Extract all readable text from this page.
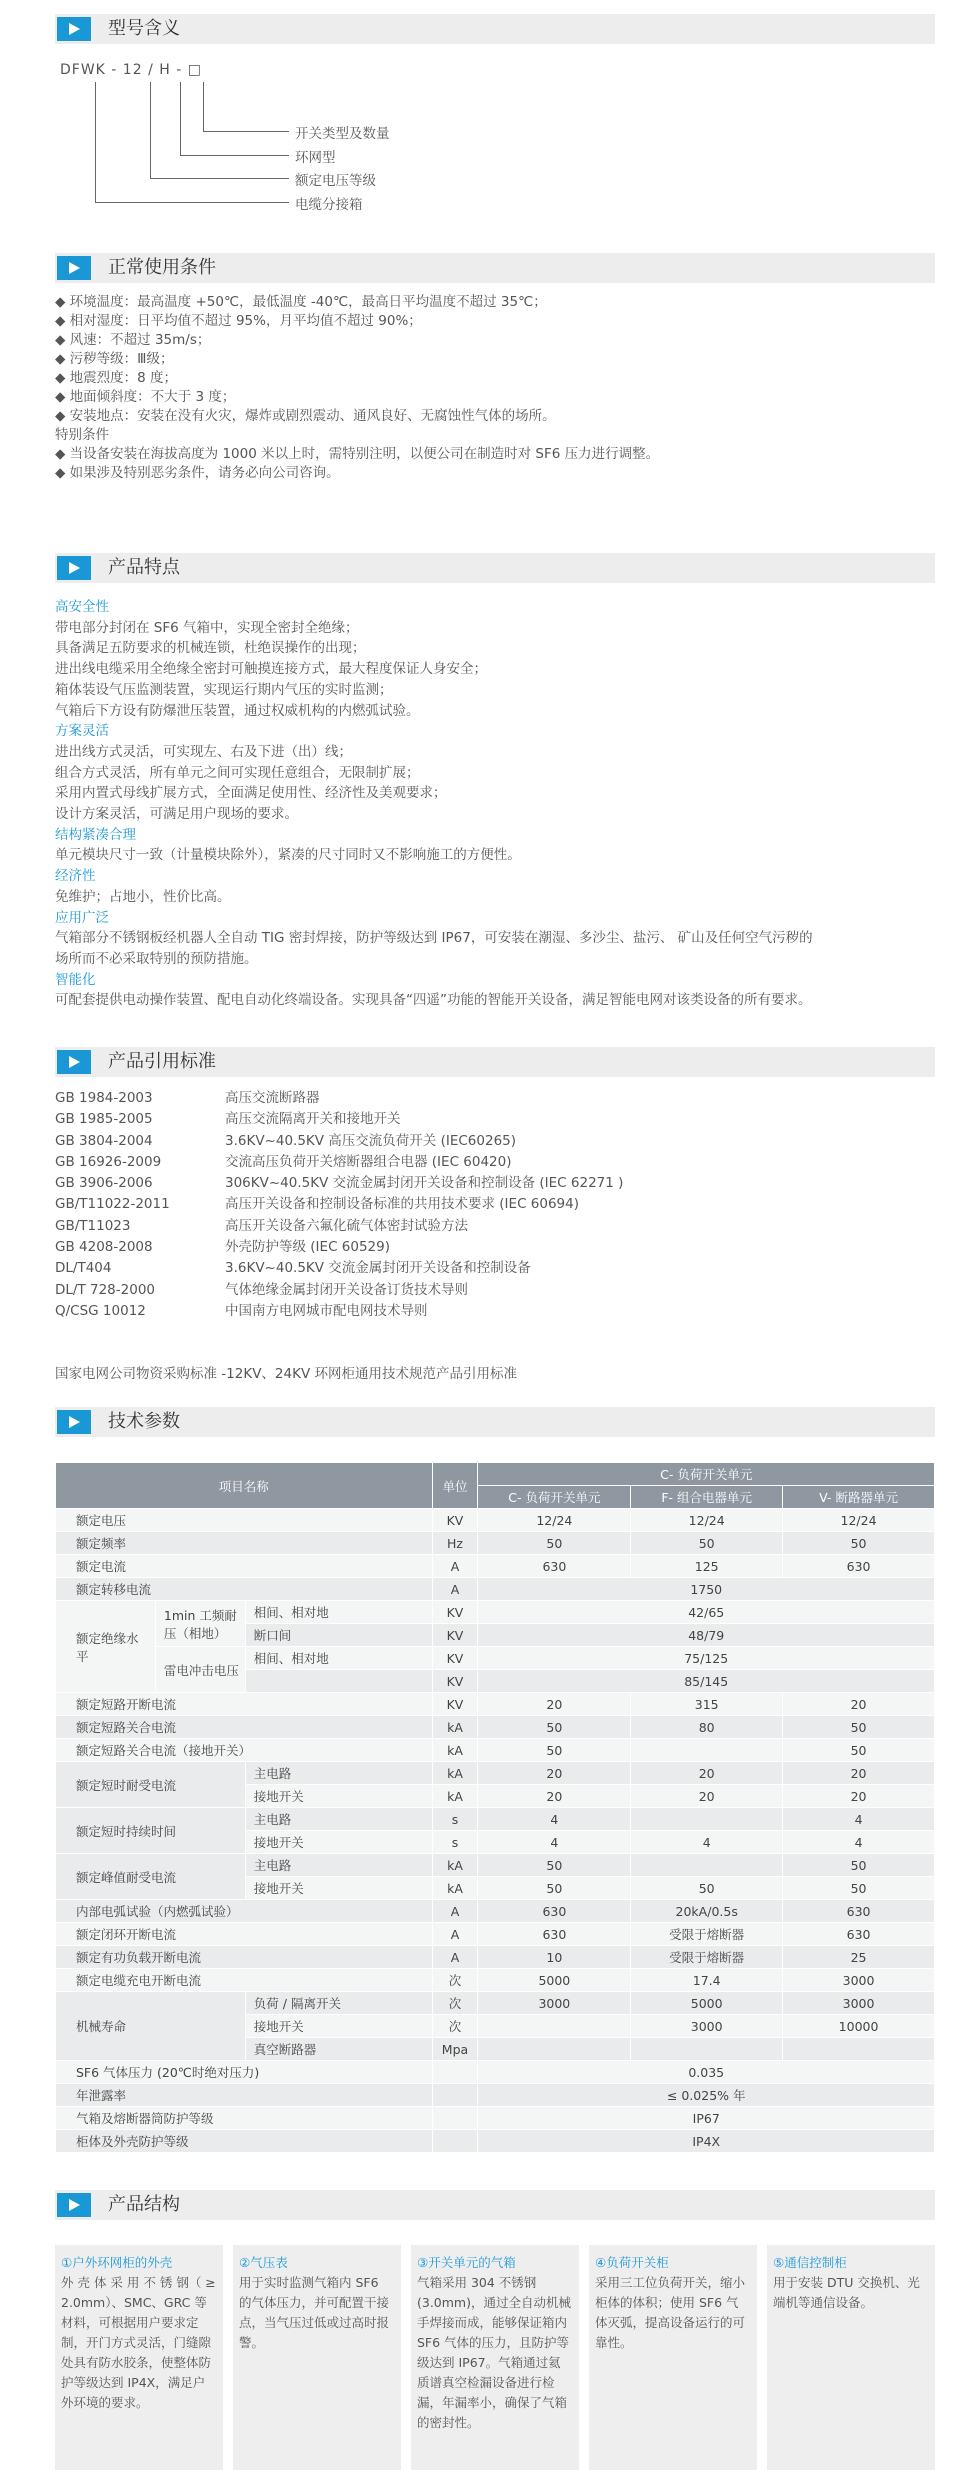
型号含义
DFWK - 12 / H - □
开关类型及数量
环网型
额定电压等级
电缆分接箱
正常使用条件
◆ 环境温度：最高温度 +50℃，最低温度 -40℃，最高日平均温度不超过 35℃；
◆ 相对湿度：日平均值不超过 95%，月平均值不超过 90%；
◆ 风速：不超过 35m/s；
◆ 污秽等级：Ⅲ级；
◆ 地震烈度：8 度；
◆ 地面倾斜度：不大于 3 度；
◆ 安装地点：安装在没有火灾，爆炸或剧烈震动、通风良好、无腐蚀性气体的场所。
特别条件
◆ 当设备安装在海拔高度为 1000 米以上时，需特别注明，以便公司在制造时对 SF6 压力进行调整。
◆ 如果涉及特别恶劣条件，请务必向公司咨询。
产品特点
高安全性
带电部分封闭在 SF6 气箱中，实现全密封全绝缘；
具备满足五防要求的机械连锁，杜绝误操作的出现；
进出线电缆采用全绝缘全密封可触摸连接方式，最大程度保证人身安全；
箱体装设气压监测装置，实现运行期内气压的实时监测；
气箱后下方设有防爆泄压装置，通过权威机构的内燃弧试验。
方案灵活
进出线方式灵活，可实现左、右及下进（出）线；
组合方式灵活，所有单元之间可实现任意组合，无限制扩展；
采用内置式母线扩展方式，全面满足使用性、经济性及美观要求；
设计方案灵活，可满足用户现场的要求。
结构紧凑合理
单元模块尺寸一致（计量模块除外），紧凑的尺寸同时又不影响施工的方便性。
经济性
免维护；占地小，性价比高。
应用广泛
气箱部分不锈钢板经机器人全自动 TIG 密封焊接，防护等级达到 IP67，可安装在潮湿、多沙尘、盐污、 矿山及任何空气污秽的
场所而不必采取特别的预防措施。
智能化
可配套提供电动操作装置、配电自动化终端设备。实现具备“四遥”功能的智能开关设备，满足智能电网对该类设备的所有要求。
产品引用标准
GB 1984-2003	高压交流断路器
GB 1985-2005	高压交流隔离开关和接地开关
GB 3804-2004	3.6KV~40.5KV 高压交流负荷开关 (IEC60265)
GB 16926-2009	交流高压负荷开关熔断器组合电器 (IEC 60420)
GB 3906-2006	306KV~40.5KV 交流金属封闭开关设备和控制设备 (IEC 62271 )
GB/T11022-2011	高压开关设备和控制设备标准的共用技术要求 (IEC 60694)
GB/T11023	高压开关设备六氟化硫气体密封试验方法
GB 4208-2008	外壳防护等级 (IEC 60529)
DL/T404	3.6KV~40.5KV 交流金属封闭开关设备和控制设备
DL/T 728-2000	气体绝缘金属封闭开关设备订货技术导则
Q/CSG 10012	中国南方电网城市配电网技术导则
国家电网公司物资采购标准 -12KV、24KV 环网柜通用技术规范产品引用标准
技术参数
项目名称			单位	C- 负荷开关单元		
				C- 负荷开关单元	F- 组合电器单元	V- 断路器单元
额定电压			KV	12/24	12/24	12/24
额定频率			Hz	50	50	50
额定电流			A	630	125	630
额定转移电流			A	1750		
额定绝缘水平	1min 工频耐压（相地）	相间、相对地	KV	42/65		
		断口间	KV	48/79		
	雷电冲击电压	相间、相对地	KV	75/125		
			KV	85/145		
额定短路开断电流			KV	20	315	20
额定短路关合电流			kA	50	80	50
额定短路关合电流（接地开关）			kA	50		50
额定短时耐受电流		主电路	kA	20	20	20
		接地开关	kA	20	20	20
额定短时持续时间		主电路	s	4		4
		接地开关	s	4	4	4
额定峰值耐受电流		主电路	kA	50		50
		接地开关	kA	50	50	50
内部电弧试验（内燃弧试验）			A	630	20kA/0.5s	630
额定闭环开断电流			A	630	受限于熔断器	630
额定有功负载开断电流			A	10	受限于熔断器	25
额定电缆充电开断电流			次	5000	17.4	3000
机械寿命		负荷 / 隔离开关	次	3000	5000	3000
		接地开关	次		3000	10000
		真空断路器	Mpa			
SF6 气体压力 (20℃时绝对压力)				0.035		
年泄露率				≤ 0.025% 年		
气箱及熔断器筒防护等级				IP67		
柜体及外壳防护等级				IP4X		
产品结构
①户外环网柜的外壳
外 壳 体 采 用 不 锈 钢（ ≥ 2.0mm）、SMC、GRC 等材料，可根据用户要求定制，开门方式灵活，门缝隙处具有防水胶条，使整体防护等级达到 IP4X，满足户外环境的要求。
②气压表
用于实时监测气箱内 SF6 的气体压力，并可配置干接点，当气压过低或过高时报警。
③开关单元的气箱
气箱采用 304 不锈钢 (3.0mm)，通过全自动机械手焊接而成，能够保证箱内 SF6 气体的压力，且防护等级达到 IP67。气箱通过氦质谱真空检漏设备进行检漏，年漏率小，确保了气箱的密封性。
④负荷开关柜
采用三工位负荷开关，缩小柜体的体积；使用 SF6 气体灭弧，提高设备运行的可靠性。
⑤通信控制柜
用于安装 DTU 交换机、光端机等通信设备。
